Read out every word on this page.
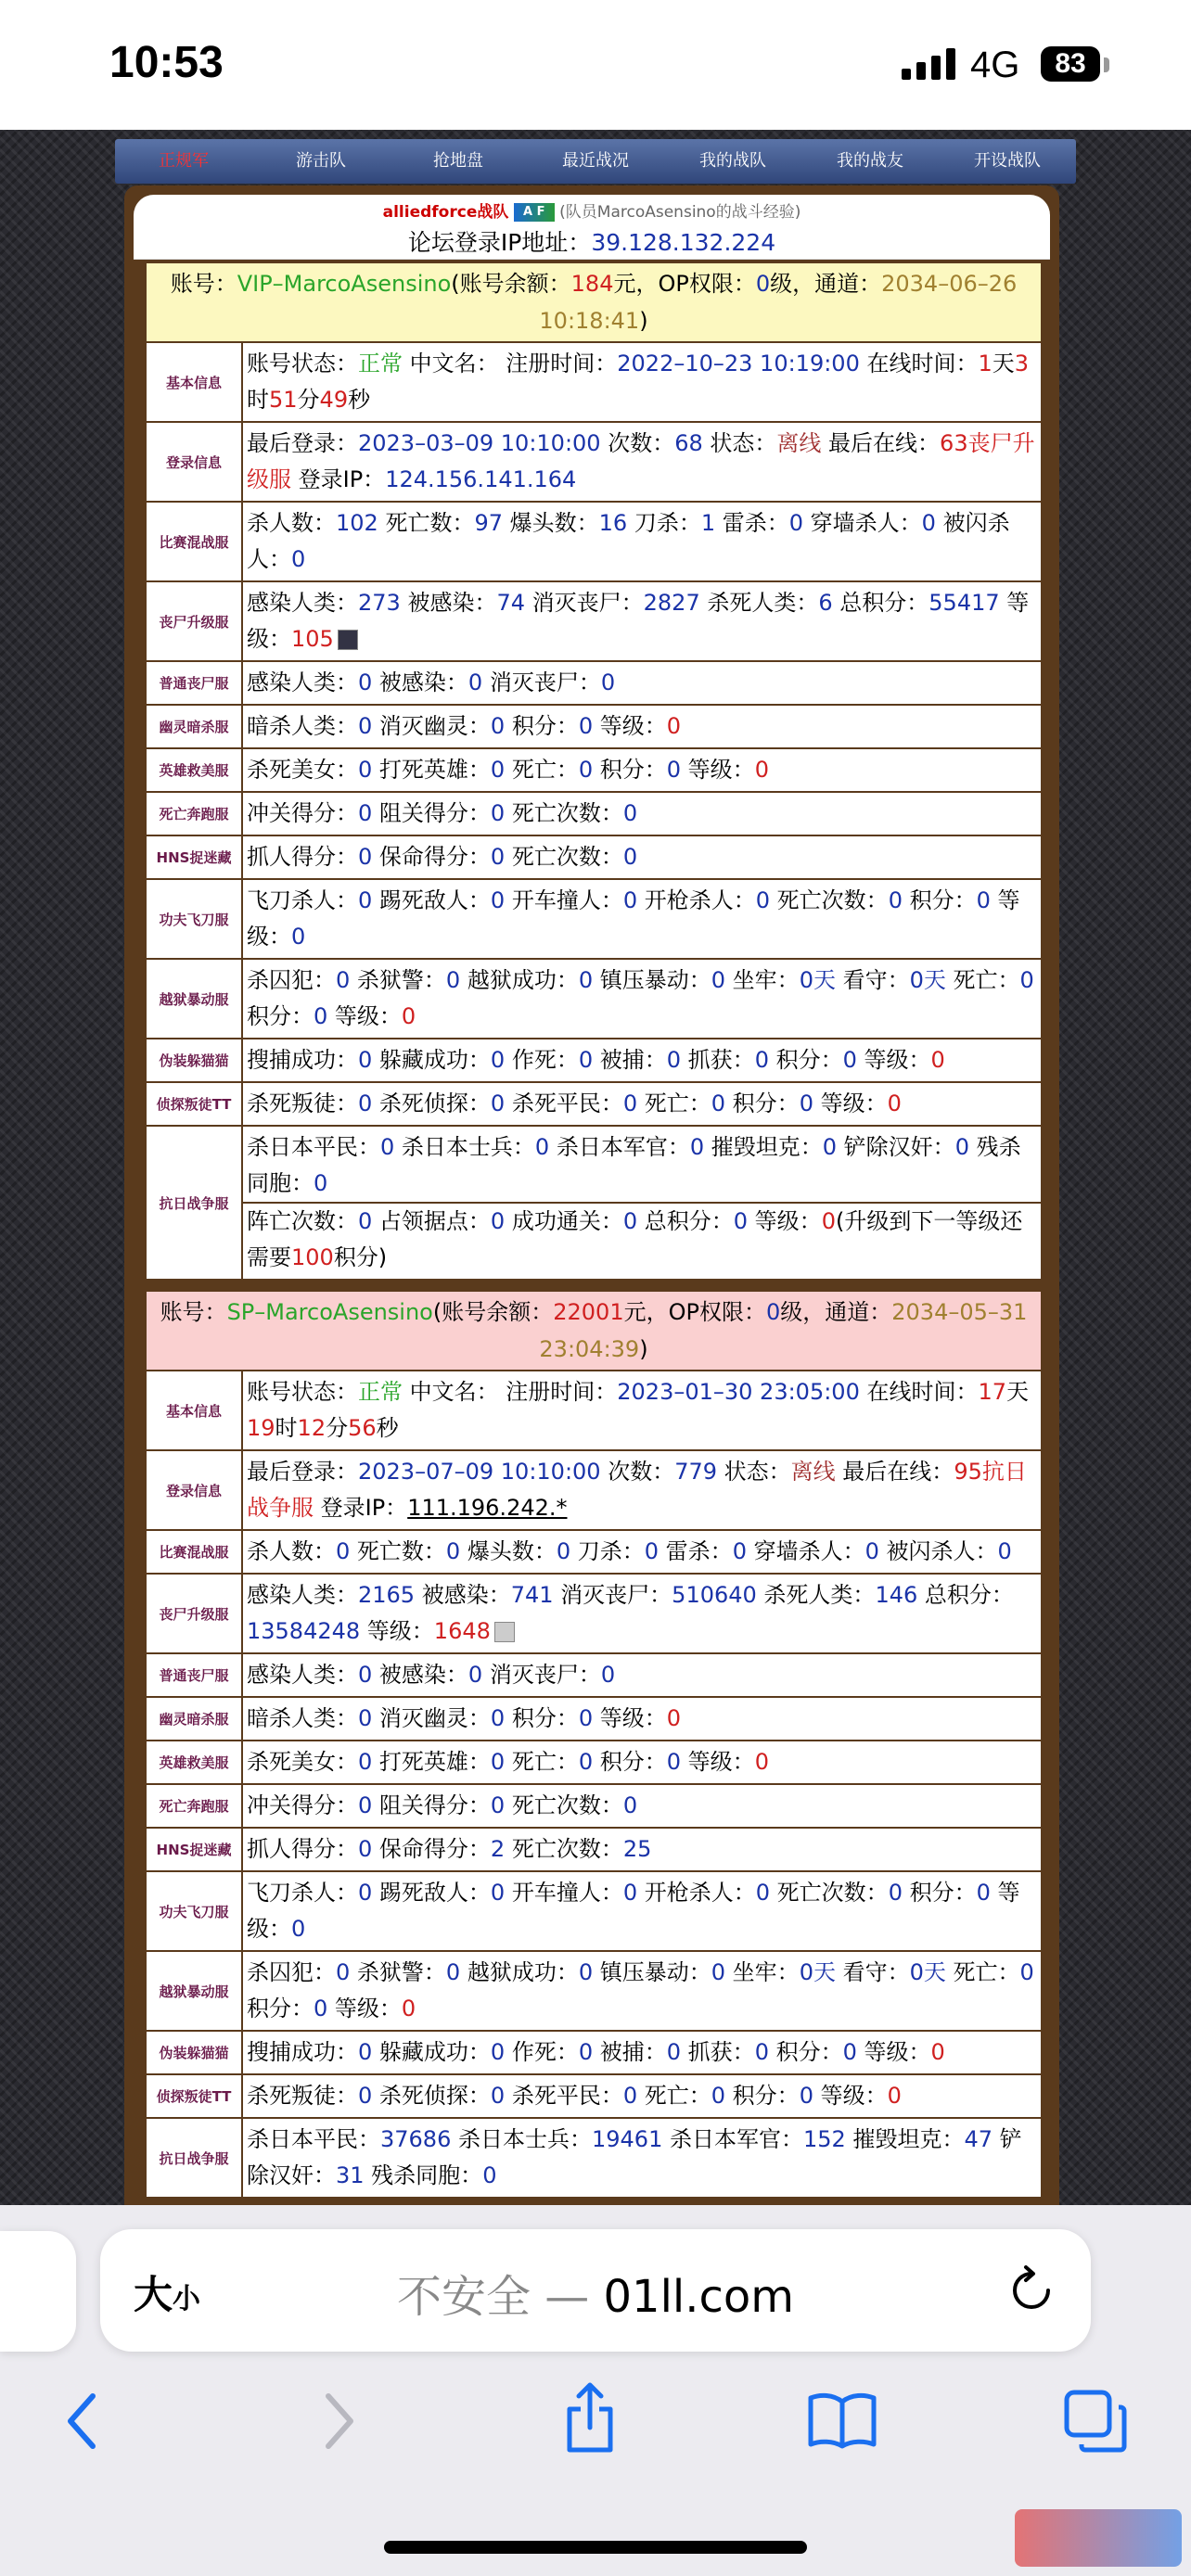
10:53	4G	83
正规军	游击队	抢地盘	最近战况	我的战队	我的战友	开设战队
alliedforce战队 A F (队员MarcoAsensino的战斗经验)
论坛登录IP地址：39.128.132.224
账号：VIP–MarcoAsensino(账号余额：184元，OP权限：0级，通道：2034–06–26 10:18:41)
基本信息
账号状态：正常 中文名： 注册时间：2022–10–23 10:19:00 在线时间：1天3时51分49秒
登录信息
最后登录：2023–03–09 10:10:00 次数：68 状态：离线 最后在线：63丧尸升级服 登录IP：124.156.141.164
比赛混战服
杀人数：102 死亡数：97 爆头数：16 刀杀：1 雷杀：0 穿墙杀人：0 被闪杀人：0
丧尸升级服
感染人类：273 被感染：74 消灭丧尸：2827 杀死人类：6 总积分：55417 等级：105
普通丧尸服 感染人类：0 被感染：0 消灭丧尸：0
幽灵暗杀服 暗杀人类：0 消灭幽灵：0 积分：0 等级：0
英雄救美服 杀死美女：0 打死英雄：0 死亡：0 积分：0 等级：0
死亡奔跑服 冲关得分：0 阻关得分：0 死亡次数：0
HNS捉迷藏 抓人得分：0 保命得分：0 死亡次数：0
功夫飞刀服
飞刀杀人：0 踢死敌人：0 开车撞人：0 开枪杀人：0 死亡次数：0 积分：0 等级：0
越狱暴动服
杀囚犯：0 杀狱警：0 越狱成功：0 镇压暴动：0 坐牢：0天 看守：0天 死亡：0 积分：0 等级：0
伪装躲猫猫 搜捕成功：0 躲藏成功：0 作死：0 被捕：0 抓获：0 积分：0 等级：0
侦探叛徒TT 杀死叛徒：0 杀死侦探：0 杀死平民：0 死亡：0 积分：0 等级：0
抗日战争服
杀日本平民：0 杀日本士兵：0 杀日本军官：0 摧毁坦克：0 铲除汉奸：0 残杀同胞：0
阵亡次数：0 占领据点：0 成功通关：0 总积分：0 等级：0(升级到下一等级还需要100积分)
账号：SP–MarcoAsensino(账号余额：22001元，OP权限：0级，通道：2034–05–31 23:04:39)
基本信息
账号状态：正常 中文名： 注册时间：2023–01–30 23:05:00 在线时间：17天19时12分56秒
登录信息
最后登录：2023–07–09 10:10:00 次数：779 状态：离线 最后在线：95抗日战争服 登录IP：111.196.242.*
比赛混战服 杀人数：0 死亡数：0 爆头数：0 刀杀：0 雷杀：0 穿墙杀人：0 被闪杀人：0
丧尸升级服
感染人类：2165 被感染：741 消灭丧尸：510640 杀死人类：146 总积分：13584248 等级：1648
普通丧尸服 感染人类：0 被感染：0 消灭丧尸：0
幽灵暗杀服 暗杀人类：0 消灭幽灵：0 积分：0 等级：0
英雄救美服 杀死美女：0 打死英雄：0 死亡：0 积分：0 等级：0
死亡奔跑服 冲关得分：0 阻关得分：0 死亡次数：0
HNS捉迷藏 抓人得分：0 保命得分：2 死亡次数：25
功夫飞刀服
飞刀杀人：0 踢死敌人：0 开车撞人：0 开枪杀人：0 死亡次数：0 积分：0 等级：0
越狱暴动服
杀囚犯：0 杀狱警：0 越狱成功：0 镇压暴动：0 坐牢：0天 看守：0天 死亡：0 积分：0 等级：0
伪装躲猫猫 搜捕成功：0 躲藏成功：0 作死：0 被捕：0 抓获：0 积分：0 等级：0
侦探叛徒TT 杀死叛徒：0 杀死侦探：0 杀死平民：0 死亡：0 积分：0 等级：0
抗日战争服
杀日本平民：37686 杀日本士兵：19461 杀日本军官：152 摧毁坦克：47 铲除汉奸：31 残杀同胞：0
大小	不安全 — 01ll.com
